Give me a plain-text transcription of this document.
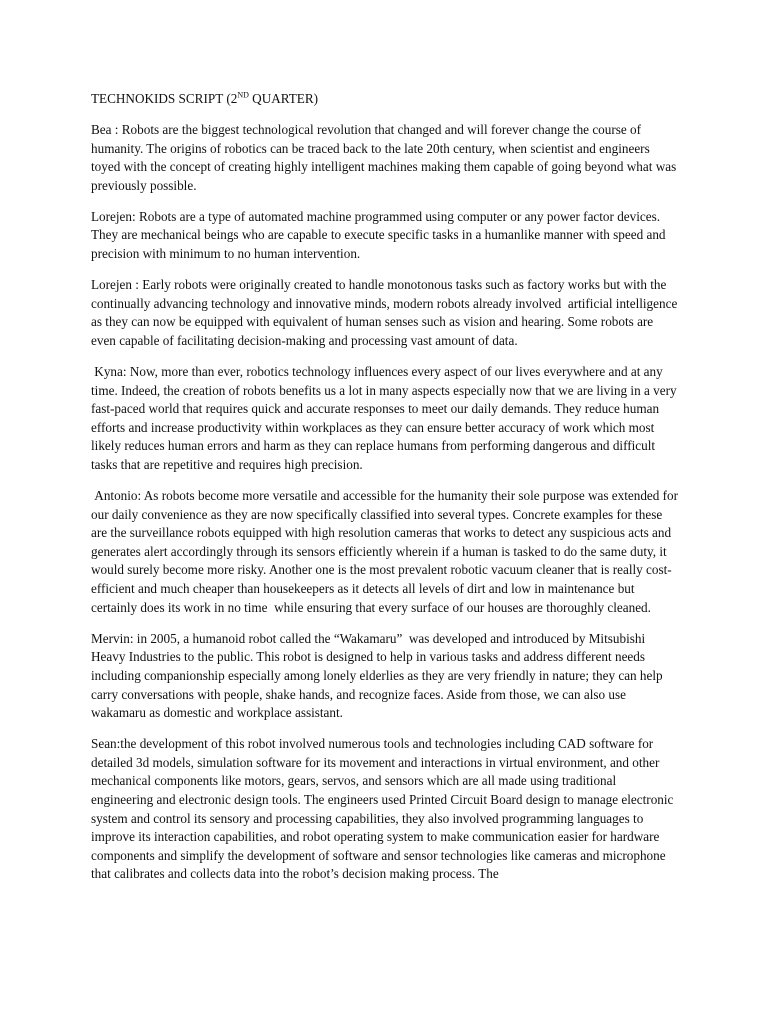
TECHNOKIDS SCRIPT (2ND QUARTER)

Bea : Robots are the biggest technological revolution that changed and will forever change the course of humanity. The origins of robotics can be traced back to the late 20th century, when scientist and engineers toyed with the concept of creating highly intelligent machines making them capable of going beyond what was previously possible.

Lorejen: Robots are a type of automated machine programmed using computer or any power factor devices. They are mechanical beings who are capable to execute specific tasks in a humanlike manner with speed and precision with minimum to no human intervention.

Lorejen : Early robots were originally created to handle monotonous tasks such as factory works but with the continually advancing technology and innovative minds, modern robots already involved  artificial intelligence as they can now be equipped with equivalent of human senses such as vision and hearing. Some robots are even capable of facilitating decision-making and processing vast amount of data.

Kyna: Now, more than ever, robotics technology influences every aspect of our lives everywhere and at any time. Indeed, the creation of robots benefits us a lot in many aspects especially now that we are living in a very fast-paced world that requires quick and accurate responses to meet our daily demands. They reduce human efforts and increase productivity within workplaces as they can ensure better accuracy of work which most likely reduces human errors and harm as they can replace humans from performing dangerous and difficult tasks that are repetitive and requires high precision.

Antonio: As robots become more versatile and accessible for the humanity their sole purpose was extended for our daily convenience as they are now specifically classified into several types. Concrete examples for these are the surveillance robots equipped with high resolution cameras that works to detect any suspicious acts and generates alert accordingly through its sensors efficiently wherein if a human is tasked to do the same duty, it would surely become more risky. Another one is the most prevalent robotic vacuum cleaner that is really cost-efficient and much cheaper than housekeepers as it detects all levels of dirt and low in maintenance but certainly does its work in no time  while ensuring that every surface of our houses are thoroughly cleaned.

Mervin: in 2005, a humanoid robot called the “Wakamaru”  was developed and introduced by Mitsubishi Heavy Industries to the public. This robot is designed to help in various tasks and address different needs including companionship especially among lonely elderlies as they are very friendly in nature; they can help carry conversations with people, shake hands, and recognize faces. Aside from those, we can also use wakamaru as domestic and workplace assistant.

Sean:the development of this robot involved numerous tools and technologies including CAD software for detailed 3d models, simulation software for its movement and interactions in virtual environment, and other mechanical components like motors, gears, servos, and sensors which are all made using traditional engineering and electronic design tools. The engineers used Printed Circuit Board design to manage electronic system and control its sensory and processing capabilities, they also involved programming languages to improve its interaction capabilities, and robot operating system to make communication easier for hardware components and simplify the development of software and sensor technologies like cameras and microphone that calibrates and collects data into the robot’s decision making process. The
